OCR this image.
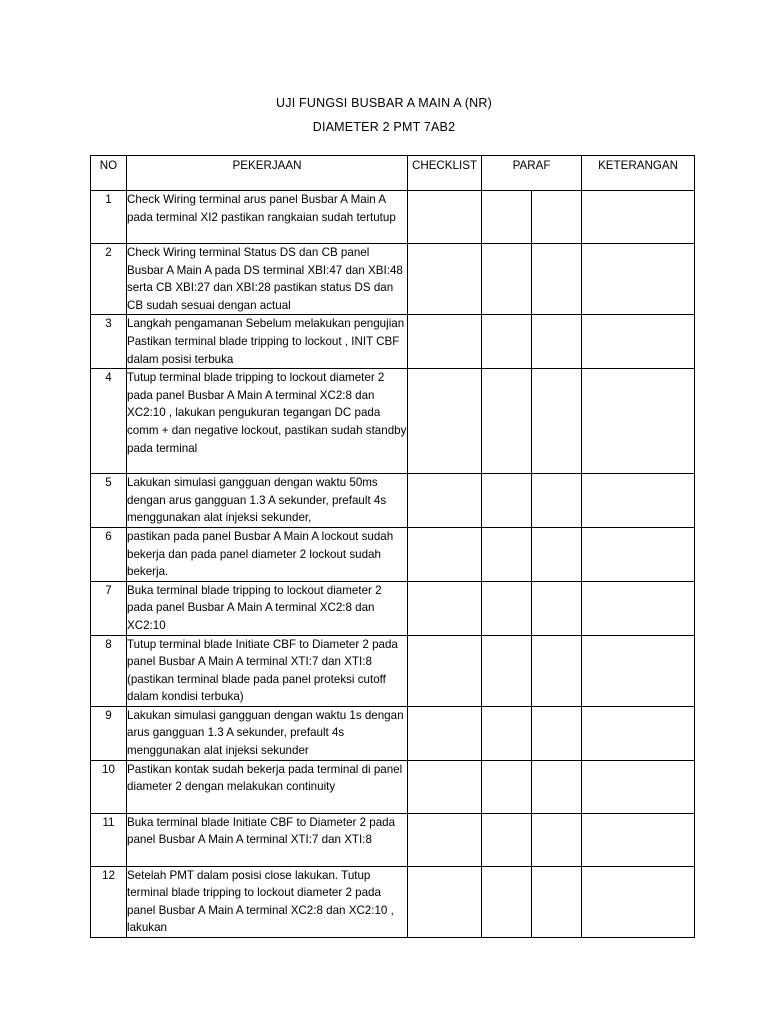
UJI FUNGSI BUSBAR A MAIN A (NR)
DIAMETER 2 PMT 7AB2
NO	PEKERJAAN	CHECKLIST	PARAF		KETERANGAN
1	Check Wiring terminal arus panel Busbar A Main A pada terminal XI2 pastikan rangkaian sudah tertutup				
2	Check Wiring terminal Status DS dan CB panel Busbar A Main A pada DS terminal XBI:47 dan XBI:48 serta CB XBI:27 dan XBI:28 pastikan status DS dan CB sudah sesuai dengan actual				
3	Langkah pengamanan Sebelum melakukan pengujian Pastikan terminal blade tripping to lockout , INIT CBF dalam posisi terbuka				
4	Tutup terminal blade tripping to lockout diameter 2 pada panel Busbar A Main A terminal XC2:8 dan XC2:10 , lakukan pengukuran tegangan DC pada comm + dan negative lockout, pastikan sudah standby pada terminal				
5	Lakukan simulasi gangguan dengan waktu 50ms dengan arus gangguan 1.3 A sekunder, prefault 4s menggunakan alat injeksi sekunder,				
6	pastikan pada panel Busbar A Main A lockout sudah bekerja dan pada panel diameter 2 lockout sudah bekerja.				
7	Buka terminal blade tripping to lockout diameter 2 pada panel Busbar A Main A terminal XC2:8 dan XC2:10				
8	Tutup terminal blade Initiate CBF to Diameter 2 pada panel Busbar A Main A terminal XTI:7 dan XTI:8 (pastikan terminal blade pada panel proteksi cutoff dalam kondisi terbuka)				
9	Lakukan simulasi gangguan dengan waktu 1s dengan arus gangguan 1.3 A sekunder, prefault 4s menggunakan alat injeksi sekunder				
10	Pastikan kontak sudah bekerja pada terminal di panel diameter 2 dengan melakukan continuity				
11	Buka terminal blade Initiate CBF to Diameter 2 pada panel Busbar A Main A terminal XTI:7 dan XTI:8				
12	Setelah PMT dalam posisi close lakukan. Tutup terminal blade tripping to lockout diameter 2 pada panel Busbar A Main A terminal XC2:8 dan XC2:10 , lakukan				
